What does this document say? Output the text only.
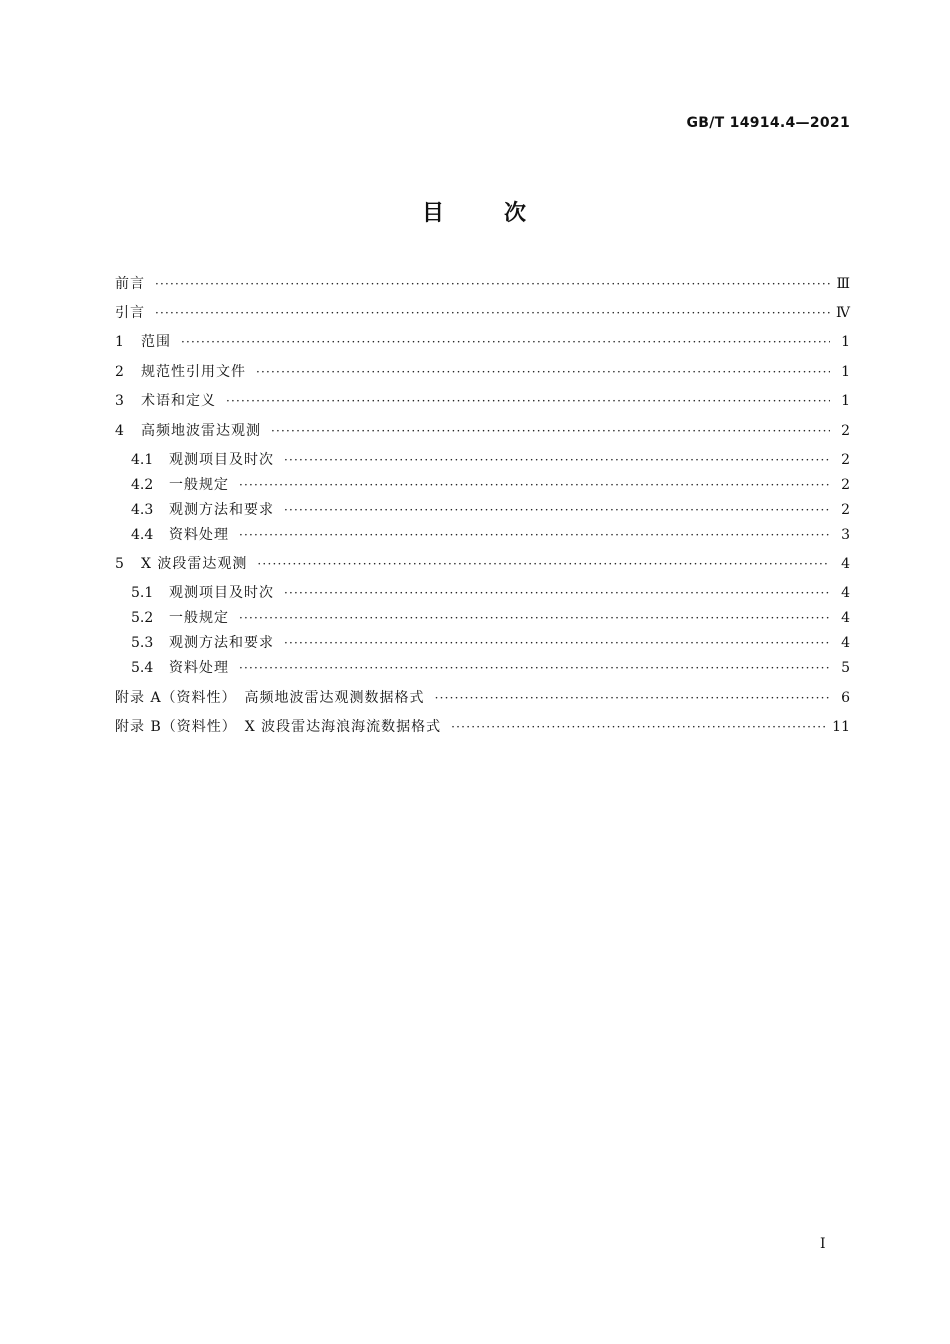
GB/T 14914.4—2021
目	次
前言 ·····	Ⅲ
引言 ·····	Ⅳ
1	范围 ·····	1
2	规范性引用文件 ·····	1
3	术语和定义 ·····	1
4	高频地波雷达观测 ·····	2
4.1	观测项目及时次 ·····	2
4.2	一般规定 ·····	2
4.3	观测方法和要求 ·····	2
4.4	资料处理 ·····	3
5	X 波段雷达观测 ·····	4
5.1	观测项目及时次 ·····	4
5.2	一般规定 ·····	4
5.3	观测方法和要求 ·····	4
5.4	资料处理 ·····	5
附录 A（资料性）　高频地波雷达观测数据格式 ·····	6
附录 B（资料性）　X 波段雷达海浪海流数据格式 ·····	11
I
